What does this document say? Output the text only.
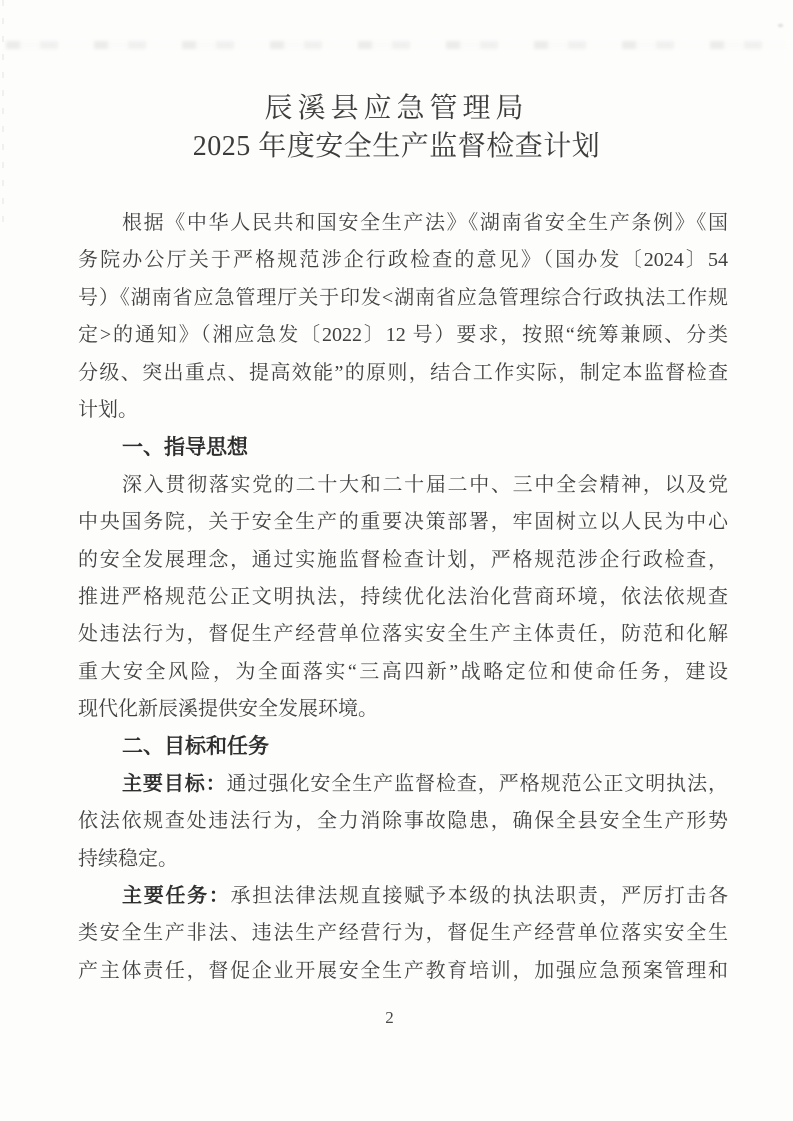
辰溪县应急管理局
2025 年度安全生产监督检查计划
根据《中华人民共和国安全生产法》《湖南省安全生产条例》《国
务院办公厅关于严格规范涉企行政检查的意见》（国办发〔2024〕54
号）《湖南省应急管理厅关于印发<湖南省应急管理综合行政执法工作规
定>的通知》（湘应急发〔2022〕12 号）要求，按照“统筹兼顾、分类
分级、突出重点、提高效能”的原则，结合工作实际，制定本监督检查
计划。
一、指导思想
深入贯彻落实党的二十大和二十届二中、三中全会精神，以及党
中央国务院，关于安全生产的重要决策部署，牢固树立以人民为中心
的安全发展理念，通过实施监督检查计划，严格规范涉企行政检查，
推进严格规范公正文明执法，持续优化法治化营商环境，依法依规查
处违法行为，督促生产经营单位落实安全生产主体责任，防范和化解
重大安全风险，为全面落实“三高四新”战略定位和使命任务，建设
现代化新辰溪提供安全发展环境。
二、目标和任务
主要目标：通过强化安全生产监督检查，严格规范公正文明执法，
依法依规查处违法行为，全力消除事故隐患，确保全县安全生产形势
持续稳定。
主要任务：承担法律法规直接赋予本级的执法职责，严厉打击各
类安全生产非法、违法生产经营行为，督促生产经营单位落实安全生
产主体责任，督促企业开展安全生产教育培训，加强应急预案管理和
2
